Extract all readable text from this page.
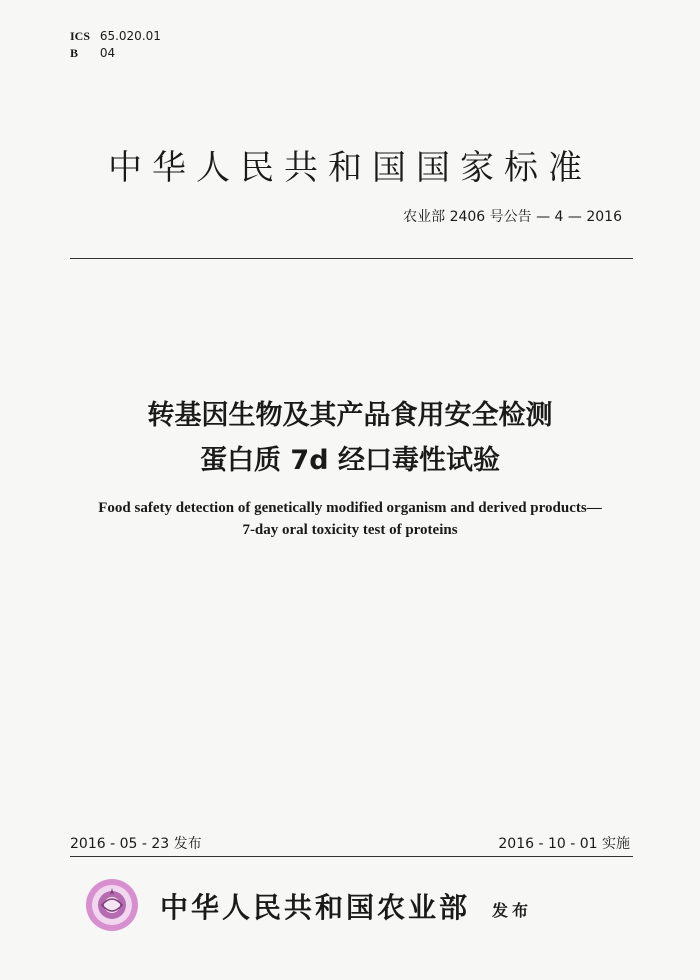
ICS 65.020.01
B 04
中华人民共和国国家标准
农业部 2406 号公告 — 4 — 2016
转基因生物及其产品食用安全检测
蛋白质 7d 经口毒性试验
Food safety detection of genetically modified organism and derived products—
7-day oral toxicity test of proteins
2016 - 05 - 23 发布	2016 - 10 - 01 实施
中华人民共和国农业部 发布
